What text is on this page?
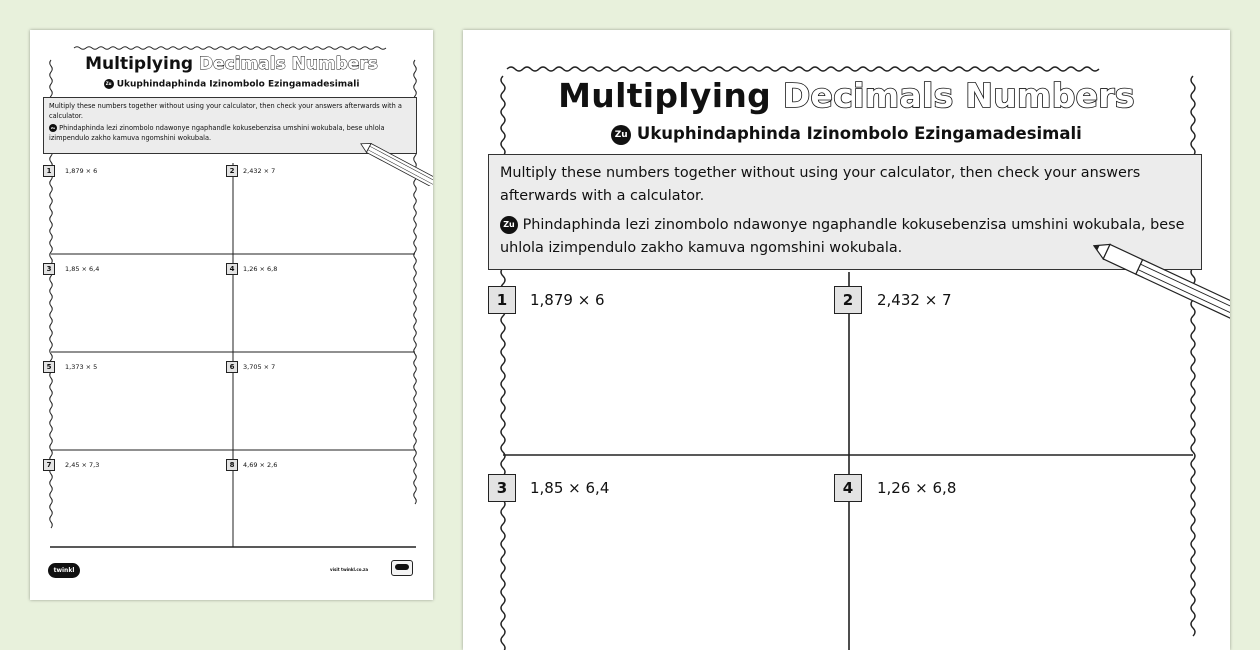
Multiplying Decimals Numbers
Zu Ukuphindaphinda Izinombolo Ezingamadesimali
Multiply these numbers together without using your calculator, then check your answers afterwards with a calculator.
Zu Phindaphinda lezi zinombolo ndawonye ngaphandle kokusebenzisa umshini wokubala, bese uhlola izimpendulo zakho kamuva ngomshini wokubala.
1	1,879 × 6	2	2,432 × 7
3	1,85 × 6,4	4	1,26 × 6,8
5	1,373 × 5	6	3,705 × 7
7	2,45 × 7,3	8	4,69 × 2,6
twinkl	visit twinkl.co.za
Multiplying Decimals Numbers
Zu Ukuphindaphinda Izinombolo Ezingamadesimali
Multiply these numbers together without using your calculator, then check your answers afterwards with a calculator.
Zu Phindaphinda lezi zinombolo ndawonye ngaphandle kokusebenzisa umshini wokubala, bese uhlola izimpendulo zakho kamuva ngomshini wokubala.
1	1,879 × 6	2	2,432 × 7
3	1,85 × 6,4	4	1,26 × 6,8
